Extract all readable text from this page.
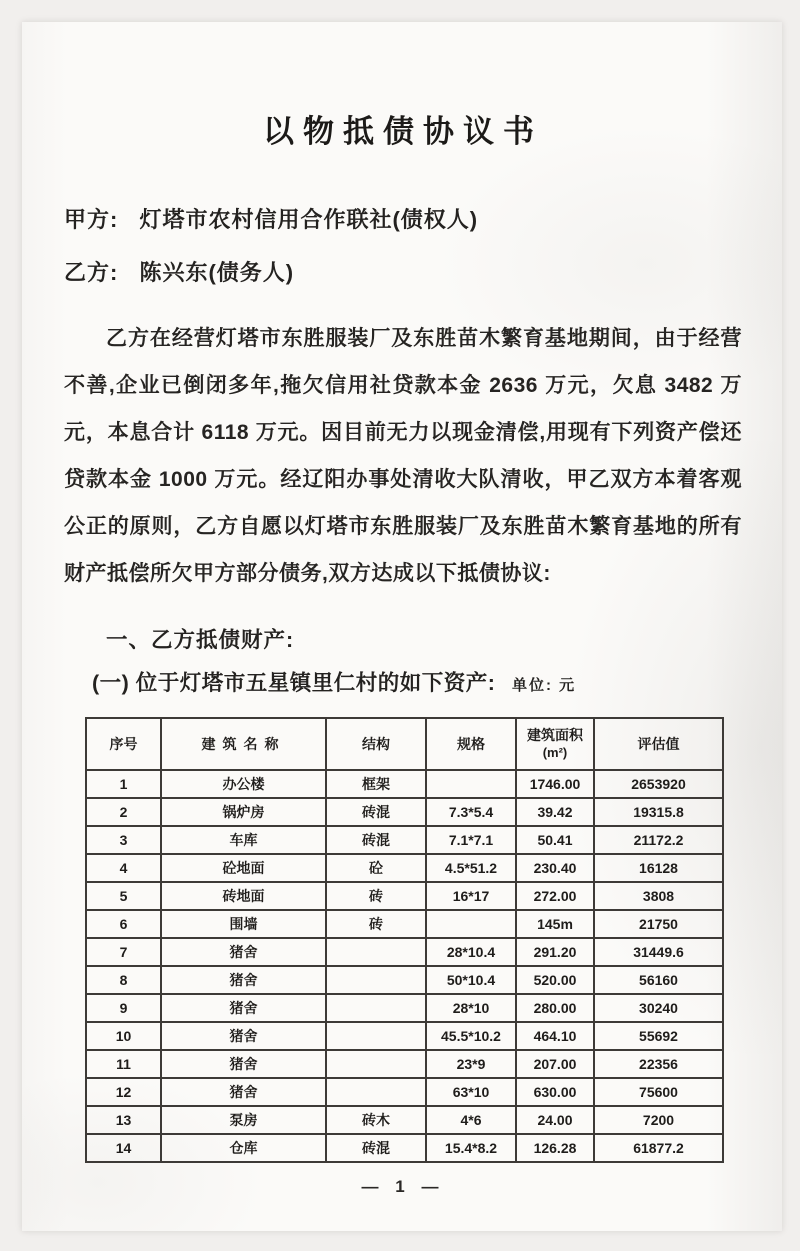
以物抵债协议书

甲方: 灯塔市农村信用合作联社(债权人)

乙方: 陈兴东(债务人)

乙方在经营灯塔市东胜服装厂及东胜苗木繁育基地期间，由于经营不善,企业已倒闭多年,拖欠信用社贷款本金 2636 万元，欠息 3482 万元，本息合计 6118 万元。因目前无力以现金清偿,用现有下列资产偿还贷款本金 1000 万元。经辽阳办事处清收大队清收，甲乙双方本着客观公正的原则，乙方自愿以灯塔市东胜服装厂及东胜苗木繁育基地的所有财产抵偿所欠甲方部分债务,双方达成以下抵债协议:

一、乙方抵债财产:

(一) 位于灯塔市五星镇里仁村的如下资产: 单位: 元

序号	建筑名称	结构	规格	建筑面积
(m²)	评估值
1	办公楼	框架		1746.00	2653920
2	锅炉房	砖混	7.3*5.4	39.42	19315.8
3	车库	砖混	7.1*7.1	50.41	21172.2
4	砼地面	砼	4.5*51.2	230.40	16128
5	砖地面	砖	16*17	272.00	3808
6	围墙	砖		145m	21750
7	猪舍		28*10.4	291.20	31449.6
8	猪舍		50*10.4	520.00	56160
9	猪舍		28*10	280.00	30240
10	猪舍		45.5*10.2	464.10	55692
11	猪舍		23*9	207.00	22356
12	猪舍		63*10	630.00	75600
13	泵房	砖木	4*6	24.00	7200
14	仓库	砖混	15.4*8.2	126.28	61877.2
— 1 —
